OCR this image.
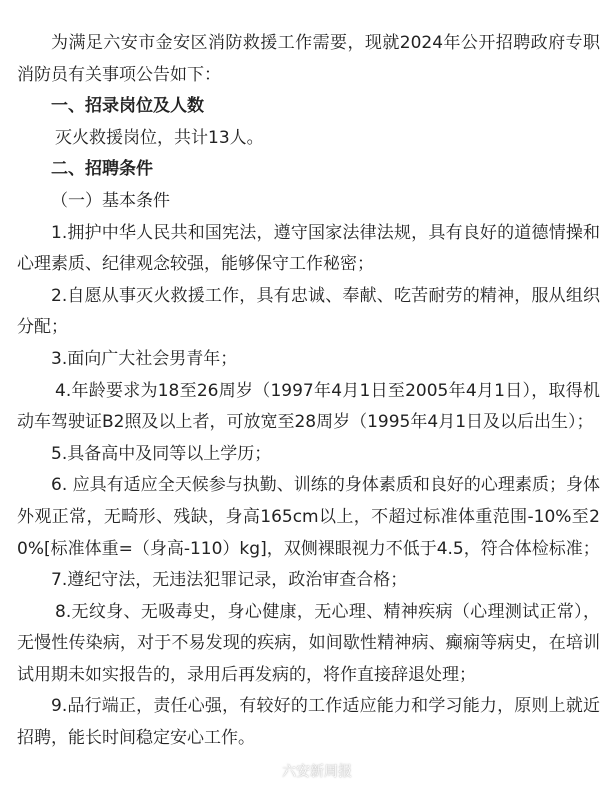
为满足六安市金安区消防救援工作需要，现就2024年公开招聘政府专职消防员有关事项公告如下：

一、招录岗位及人数

灭火救援岗位，共计13人。

二、招聘条件

（一）基本条件

1.拥护中华人民共和国宪法，遵守国家法律法规，具有良好的道德情操和心理素质、纪律观念较强，能够保守工作秘密；

2.自愿从事灭火救援工作，具有忠诚、奉献、吃苦耐劳的精神，服从组织分配；

3.面向广大社会男青年；

4.年龄要求为18至26周岁（1997年4月1日至2005年4月1日），取得机动车驾驶证B2照及以上者，可放宽至28周岁（1995年4月1日及以后出生）；

5.具备高中及同等以上学历；

6. 应具有适应全天候参与执勤、训练的身体素质和良好的心理素质；身体外观正常，无畸形、残缺，身高165cm以上，不超过标准体重范围-10%至20%[标准体重=（身高-110）kg]，双侧裸眼视力不低于4.5，符合体检标准；

7.遵纪守法，无违法犯罪记录，政治审查合格；

8.无纹身、无吸毒史，身心健康，无心理、精神疾病（心理测试正常），无慢性传染病，对于不易发现的疾病，如间歇性精神病、癫痫等病史，在培训试用期未如实报告的，录用后再发病的，将作直接辞退处理；

9.品行端正，责任心强，有较好的工作适应能力和学习能力，原则上就近招聘，能长时间稳定安心工作。

六安新周报
